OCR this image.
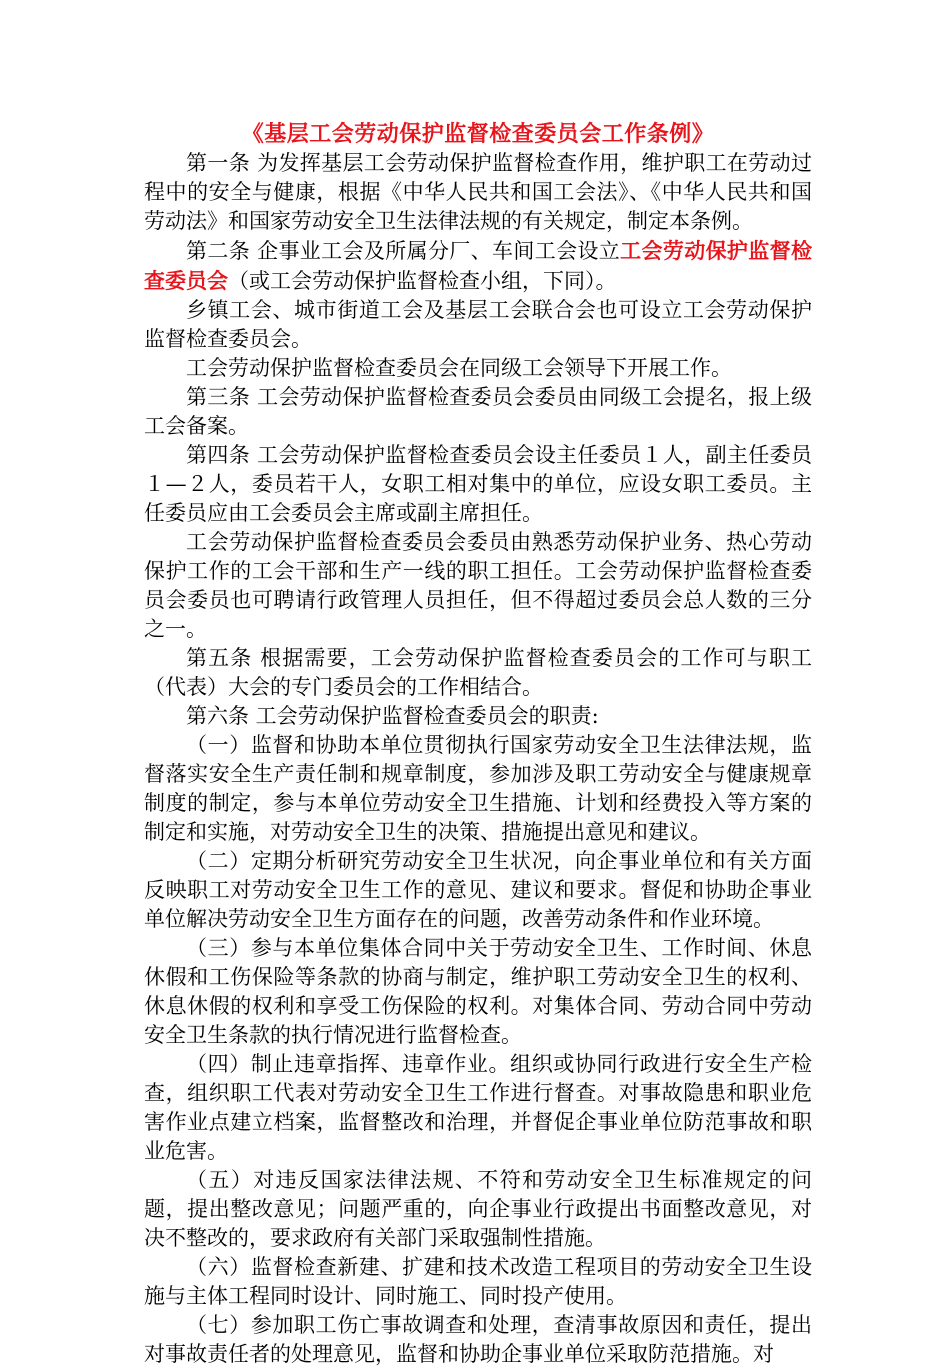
《基层工会劳动保护监督检查委员会工作条例》

第一条 为发挥基层工会劳动保护监督检查作用，维护职工在劳动过程中的安全与健康，根据《中华人民共和国工会法》、《中华人民共和国劳动法》和国家劳动安全卫生法律法规的有关规定，制定本条例。

第二条 企事业工会及所属分厂、车间工会设立工会劳动保护监督检查委员会（或工会劳动保护监督检查小组，下同）。

乡镇工会、城市街道工会及基层工会联合会也可设立工会劳动保护监督检查委员会。

工会劳动保护监督检查委员会在同级工会领导下开展工作。

第三条 工会劳动保护监督检查委员会委员由同级工会提名，报上级工会备案。

第四条 工会劳动保护监督检查委员会设主任委员１人，副主任委员１—２人，委员若干人，女职工相对集中的单位，应设女职工委员。主任委员应由工会委员会主席或副主席担任。

工会劳动保护监督检查委员会委员由熟悉劳动保护业务、热心劳动保护工作的工会干部和生产一线的职工担任。工会劳动保护监督检查委员会委员也可聘请行政管理人员担任，但不得超过委员会总人数的三分之一。

第五条 根据需要，工会劳动保护监督检查委员会的工作可与职工（代表）大会的专门委员会的工作相结合。

第六条 工会劳动保护监督检查委员会的职责:

（一）监督和协助本单位贯彻执行国家劳动安全卫生法律法规，监督落实安全生产责任制和规章制度，参加涉及职工劳动安全与健康规章制度的制定，参与本单位劳动安全卫生措施、计划和经费投入等方案的制定和实施，对劳动安全卫生的决策、措施提出意见和建议。

（二）定期分析研究劳动安全卫生状况，向企事业单位和有关方面反映职工对劳动安全卫生工作的意见、建议和要求。督促和协助企事业单位解决劳动安全卫生方面存在的问题，改善劳动条件和作业环境。

（三）参与本单位集体合同中关于劳动安全卫生、工作时间、休息休假和工伤保险等条款的协商与制定，维护职工劳动安全卫生的权利、休息休假的权利和享受工伤保险的权利。对集体合同、劳动合同中劳动安全卫生条款的执行情况进行监督检查。

（四）制止违章指挥、违章作业。组织或协同行政进行安全生产检查，组织职工代表对劳动安全卫生工作进行督查。对事故隐患和职业危害作业点建立档案，监督整改和治理，并督促企事业单位防范事故和职业危害。

（五）对违反国家法律法规、不符和劳动安全卫生标准规定的问题，提出整改意见；问题严重的，向企事业行政提出书面整改意见，对决不整改的，要求政府有关部门采取强制性措施。

（六）监督检查新建、扩建和技术改造工程项目的劳动安全卫生设施与主体工程同时设计、同时施工、同时投产使用。

（七）参加职工伤亡事故调查和处理，查清事故原因和责任，提出对事故责任者的处理意见，监督和协助企事业单位采取防范措施。对
